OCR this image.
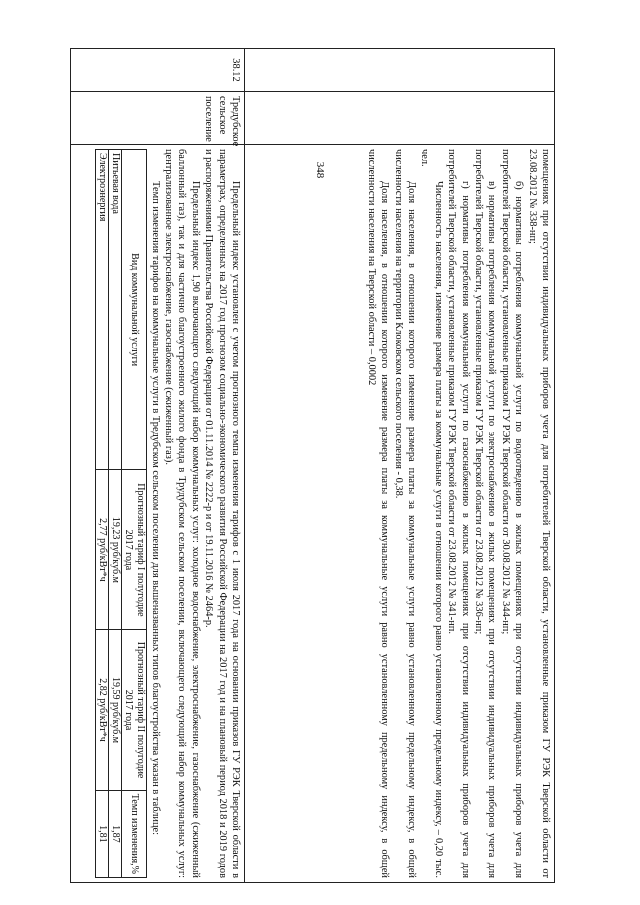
348
			помещениях при отсутствии индивидуальных приборов учета для потребителей Тверской области, установленные приказом ГУ РЭК Тверской области от 23.08.2012 № 338-нп;

б) нормативы потребления коммунальной услуги по водоотведению в жилых помещениях при отсутствии индивидуальных приборов учета для потребителей Тверской области, установленные приказом ГУ РЭК Тверской области от 30.08.2012 № 344-нп;

в) нормативы потребления коммунальной услуги по электроснабжению в жилых помещениях при отсутствии индивидуальных приборов учета для потребителей Тверской области, установленные приказом ГУ РЭК Тверской области от 23.08.2012 № 336-нп;

г) нормативы потребления коммунальной услуги по газоснабжению в жилых помещениях при отсутствии индивидуальных приборов учета для потребителей Тверской области, установленные приказом ГУ РЭК Тверской области от 23.08.2012 № 341-нп.

Численность населения, изменение размера платы за коммунальные услуги в отношении которого равно установленному предельному индексу, – 0,20 тыс. чел.

Доля населения, в отношении которого изменение размера платы за коммунальные услуги равно установленному предельному индексу, в общей численности населения на территории Клоковском сельского поселения - 0,38.

Доля населения, в отношении которого изменение размера платы за коммунальные услуги равно установленному предельному индексу, в общей численности населения на Тверской области – 0,0002

38.12	Тредубское сельское поселение	

Предельный индекс установлен с учетом прогнозного темпа изменения тарифов с 1 июля 2017 года на основании приказов ГУ РЭК Тверской области в параметрах, определенных на 2017 год прогнозом социально-экономического развития Российской Федерации на 2017 год и на плановый период 2018 и 2019 годов и распоряжениями Правительства Российской Федерации от 01.11.2014 № 2222-р и от 19.11.2016 № 2464-р.

Предельный индекс 1,90 включающего следующий набор коммунальных услуг: холодное водоснабжение, электроснабжение, газоснабжение (сжиженный баллонный газ), так и для частично благоустроенного жилого фонда в Трудубском сельском поселении, включающего следующий набор коммунальных услуг: централизованное электроснабжение, газоснабжение (сжиженный газ).

Темп изменения тарифов на коммунальные услуги в Тредубском сельском поселении для вышеназванных типов благоустройства указан в таблице:

Вид коммунальной услуги	Прогнозный тариф I полугодие 2017 года	Прогнозный тариф II полугодие 2017 года	Темп изменения,%
Питьевая вода	19,23 руб/куб.м	19,59 руб/куб.м	1,87
Электроэнергия	2,77 руб/кВт*ч	2,82 руб/кВт*ч	1,81
